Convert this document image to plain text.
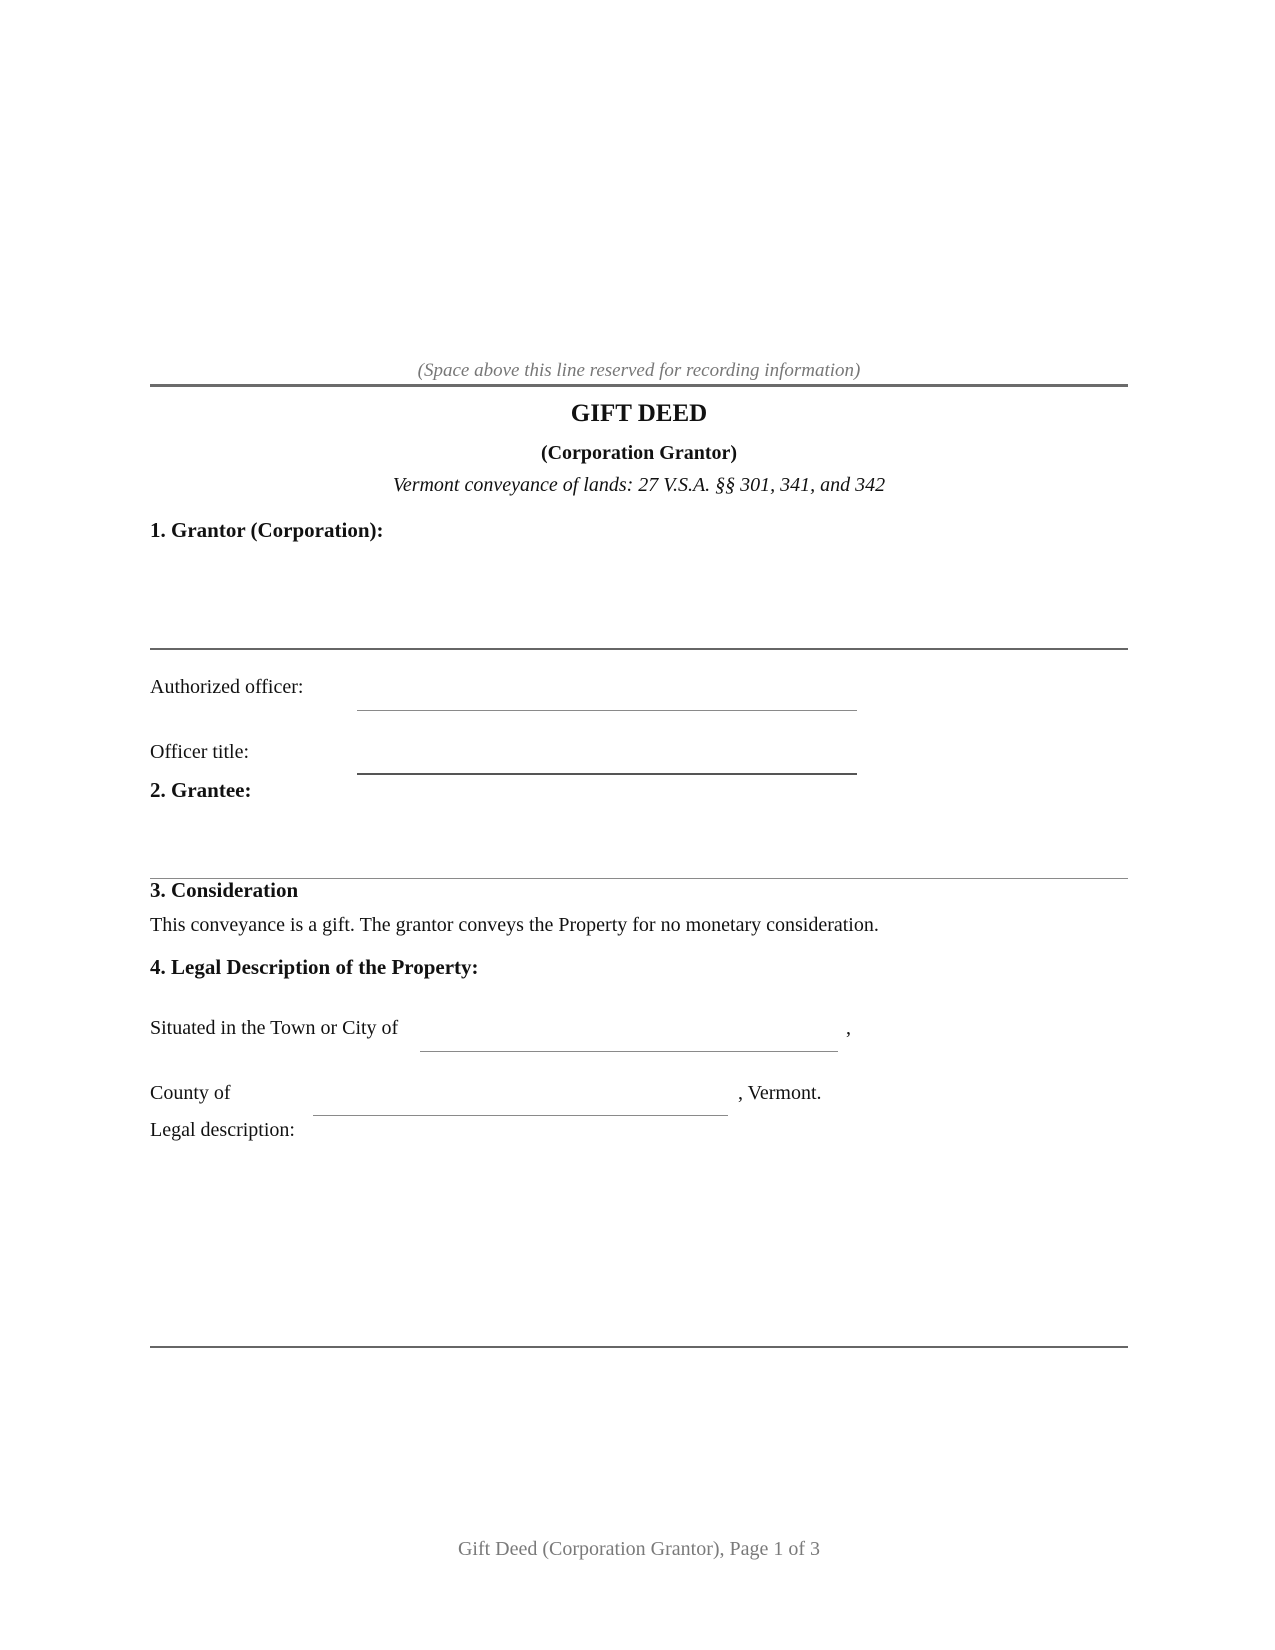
(Space above this line reserved for recording information)
GIFT DEED
(Corporation Grantor)
Vermont conveyance of lands: 27 V.S.A. §§ 301, 341, and 342
1. Grantor (Corporation):
Authorized officer:
Officer title:
2. Grantee:
3. Consideration
This conveyance is a gift. The grantor conveys the Property for no monetary consideration.
4. Legal Description of the Property:
Situated in the Town or City of	,
County of	, Vermont.
Legal description:
Gift Deed (Corporation Grantor), Page 1 of 3
